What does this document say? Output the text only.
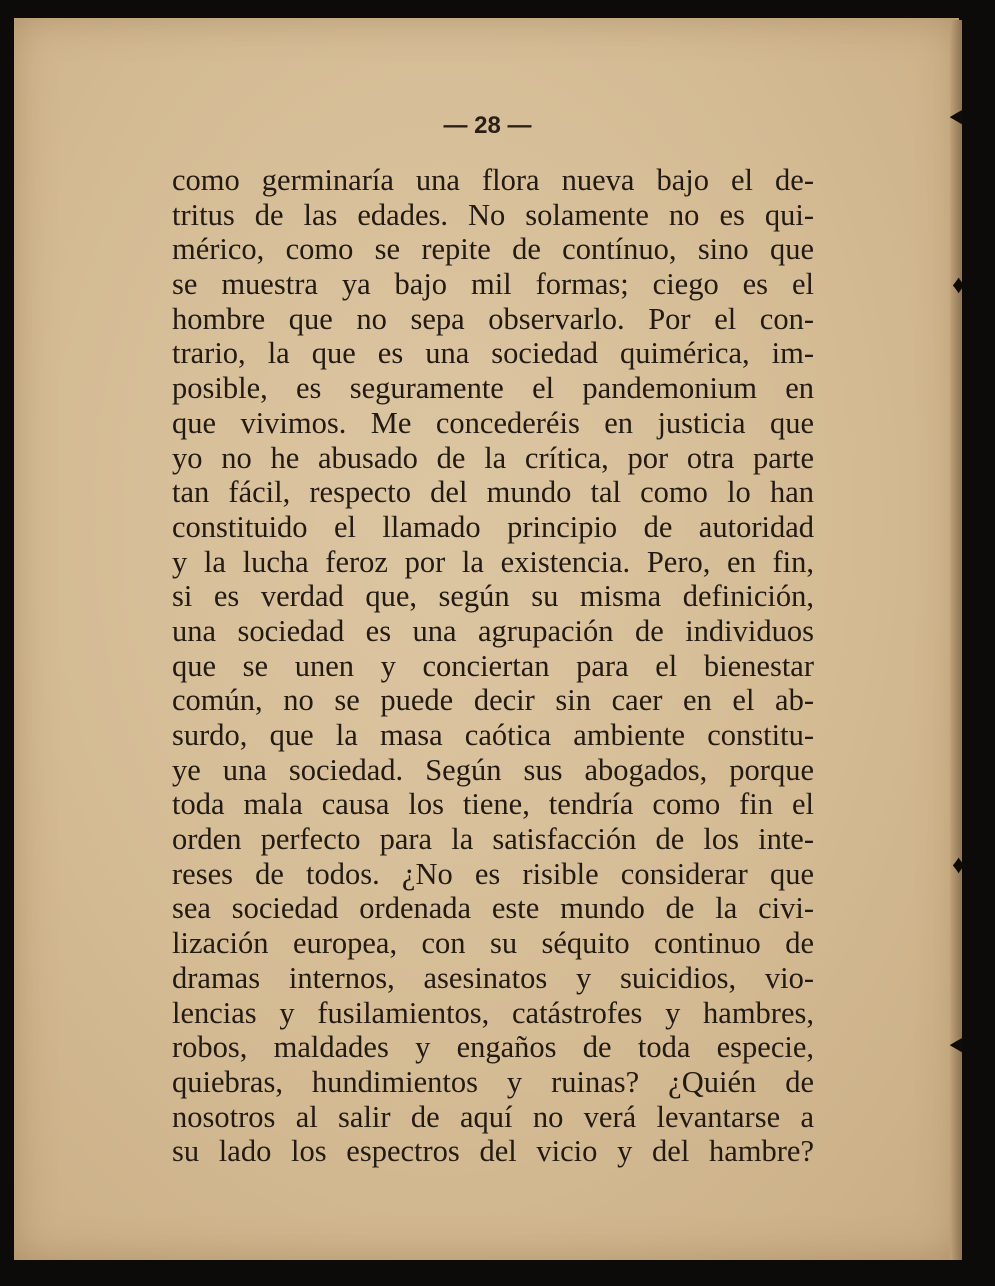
— 28 —
como germinaría una flora nueva bajo el de-
tritus de las edades. No solamente no es qui-
mérico, como se repite de contínuo, sino que
se muestra ya bajo mil formas; ciego es el
hombre que no sepa observarlo. Por el con-
trario, la que es una sociedad quimérica, im-
posible, es seguramente el pandemonium en
que vivimos. Me concederéis en justicia que
yo no he abusado de la crítica, por otra parte
tan fácil, respecto del mundo tal como lo han
constituido el llamado principio de autoridad
y la lucha feroz por la existencia. Pero, en fin,
si es verdad que, según su misma definición,
una sociedad es una agrupación de individuos
que se unen y conciertan para el bienestar
común, no se puede decir sin caer en el ab-
surdo, que la masa caótica ambiente constitu-
ye una sociedad. Según sus abogados, porque
toda mala causa los tiene, tendría como fin el
orden perfecto para la satisfacción de los inte-
reses de todos. ¿No es risible considerar que
sea sociedad ordenada este mundo de la civi-
lización europea, con su séquito continuo de
dramas internos, asesinatos y suicidios, vio-
lencias y fusilamientos, catástrofes y hambres,
robos, maldades y engaños de toda especie,
quiebras, hundimientos y ruinas? ¿Quién de
nosotros al salir de aquí no verá levantarse a
su lado los espectros del vicio y del hambre?
⯇
♦
♦
⯇
